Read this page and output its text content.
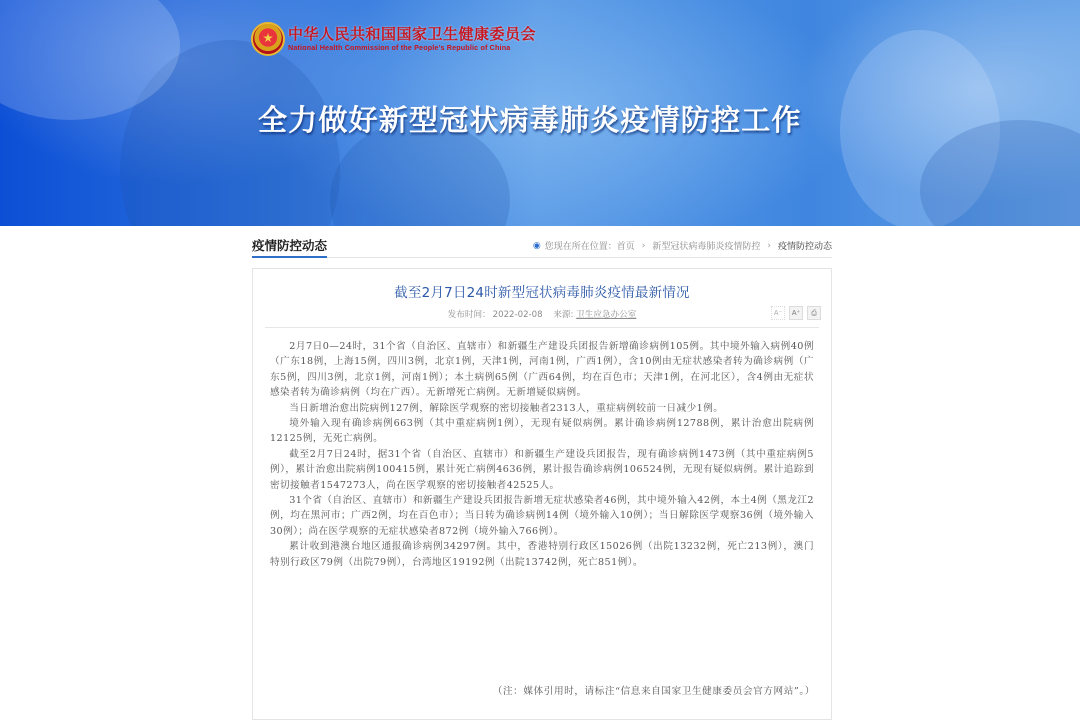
中华人民共和国国家卫生健康委员会
National Health Commission of the People’s Republic of China
全力做好新型冠状病毒肺炎疫情防控工作
疫情防控动态	◉ 您现在所在位置： 首页 › 新型冠状病毒肺炎疫情防控 › 疫情防控动态
截至2月7日24时新型冠状病毒肺炎疫情最新情况
发布时间： 2022-02-08 来源: 卫生应急办公室	A⁻	A⁺	⎙

2月7日0—24时，31个省（自治区、直辖市）和新疆生产建设兵团报告新增确诊病例105例。其中境外输入病例40例（广东18例，上海15例，四川3例，北京1例，天津1例，河南1例，广西1例），含10例由无症状感染者转为确诊病例（广东5例，四川3例，北京1例，河南1例）；本土病例65例（广西64例，均在百色市；天津1例，在河北区），含4例由无症状感染者转为确诊病例（均在广西）。无新增死亡病例。无新增疑似病例。

当日新增治愈出院病例127例，解除医学观察的密切接触者2313人，重症病例较前一日减少1例。

境外输入现有确诊病例663例（其中重症病例1例），无现有疑似病例。累计确诊病例12788例，累计治愈出院病例12125例，无死亡病例。

截至2月7日24时，据31个省（自治区、直辖市）和新疆生产建设兵团报告，现有确诊病例1473例（其中重症病例5例），累计治愈出院病例100415例，累计死亡病例4636例，累计报告确诊病例106524例，无现有疑似病例。累计追踪到密切接触者1547273人，尚在医学观察的密切接触者42525人。

31个省（自治区、直辖市）和新疆生产建设兵团报告新增无症状感染者46例，其中境外输入42例，本土4例（黑龙江2例，均在黑河市；广西2例，均在百色市）；当日转为确诊病例14例（境外输入10例）；当日解除医学观察36例（境外输入30例）；尚在医学观察的无症状感染者872例（境外输入766例）。

累计收到港澳台地区通报确诊病例34297例。其中，香港特别行政区15026例（出院13232例，死亡213例），澳门特别行政区79例（出院79例），台湾地区19192例（出院13742例，死亡851例）。

（注：媒体引用时，请标注“信息来自国家卫生健康委员会官方网站”。）
